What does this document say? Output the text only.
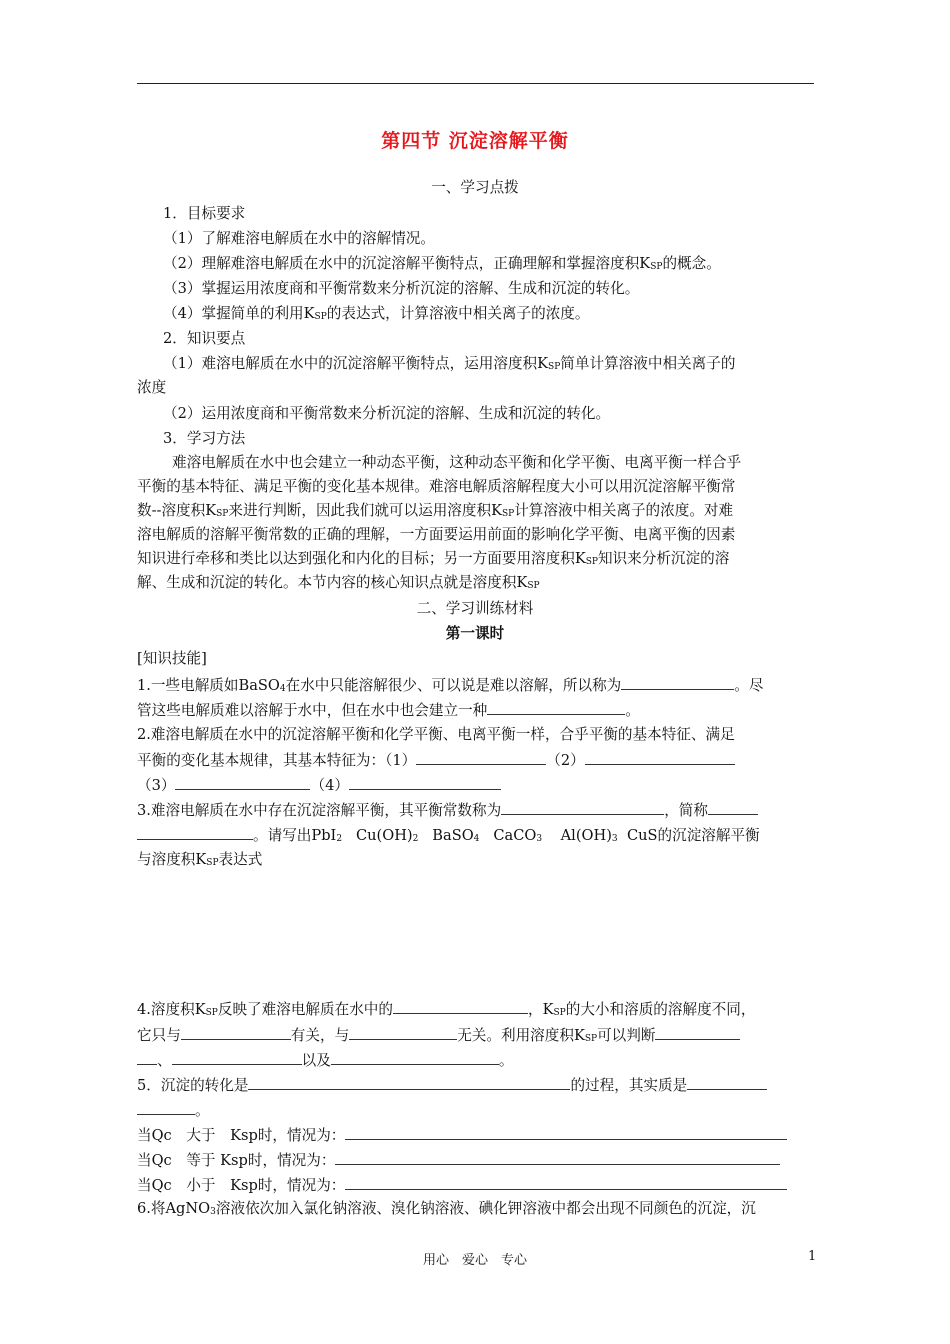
第四节 沉淀溶解平衡
一、学习点拨
1．目标要求
（1）了解难溶电解质在水中的溶解情况。
（2）理解难溶电解质在水中的沉淀溶解平衡特点，正确理解和掌握溶度积$K_{SP}$的概念。
（3）掌握运用浓度商和平衡常数来分析沉淀的溶解、生成和沉淀的转化。
（4）掌握简单的利用$K_{SP}$的表达式，计算溶液中相关离子的浓度。
2．知识要点
（1）难溶电解质在水中的沉淀溶解平衡特点，运用溶度积$K_{SP}$简单计算溶液中相关离子的
浓度
（2）运用浓度商和平衡常数来分析沉淀的溶解、生成和沉淀的转化。
3．学习方法
难溶电解质在水中也会建立一种动态平衡，这种动态平衡和化学平衡、电离平衡一样合乎
平衡的基本特征、满足平衡的变化基本规律。难溶电解质溶解程度大小可以用沉淀溶解平衡常
数--溶度积$K_{SP}$来进行判断，因此我们就可以运用溶度积$K_{SP}$计算溶液中相关离子的浓度。对难
溶电解质的溶解平衡常数的正确的理解，一方面要运用前面的影响化学平衡、电离平衡的因素
知识进行牵移和类比以达到强化和内化的目标；另一方面要用溶度积$K_{SP}$知识来分析沉淀的溶
解、生成和沉淀的转化。本节内容的核心知识点就是溶度积$K_{SP}$
二、学习训练材料
第一课时
[知识技能]
1.一些电解质如BaSO$_4$在水中只能溶解很少、可以说是难以溶解，所以称为	。尽
管这些电解质难以溶解于水中，但在水中也会建立一种	。
2.难溶电解质在水中的沉淀溶解平衡和化学平衡、电离平衡一样，合乎平衡的基本特征、满足
平衡的变化基本规律，其基本特征为：（1）	（2）
（3）	（4）
3.难溶电解质在水中存在沉淀溶解平衡，其平衡常数称为	，简称
。请写出PbI$_2$ $Cu(OH)_2$ BaSO$_4$ CaCO$_3$ $Al(OH)_3$ CuS的沉淀溶解平衡
与溶度积$K_{SP}$表达式
4.溶度积$K_{SP}$反映了难溶电解质在水中的	，$K_{SP}$的大小和溶质的溶解度不同，
它只与	有关，与	无关。利用溶度积$K_{SP}$可以判断
、	以及	。
5．沉淀的转化是	的过程，其实质是
。
当Qc　大于　Ksp时，情况为：
当Qc　等于 Ksp时，情况为：
当Qc　小于　Ksp时，情况为：
6.将AgNO$_3$溶液依次加入氯化钠溶液、溴化钠溶液、碘化钾溶液中都会出现不同颜色的沉淀，沉
用心　爱心　专心	1
